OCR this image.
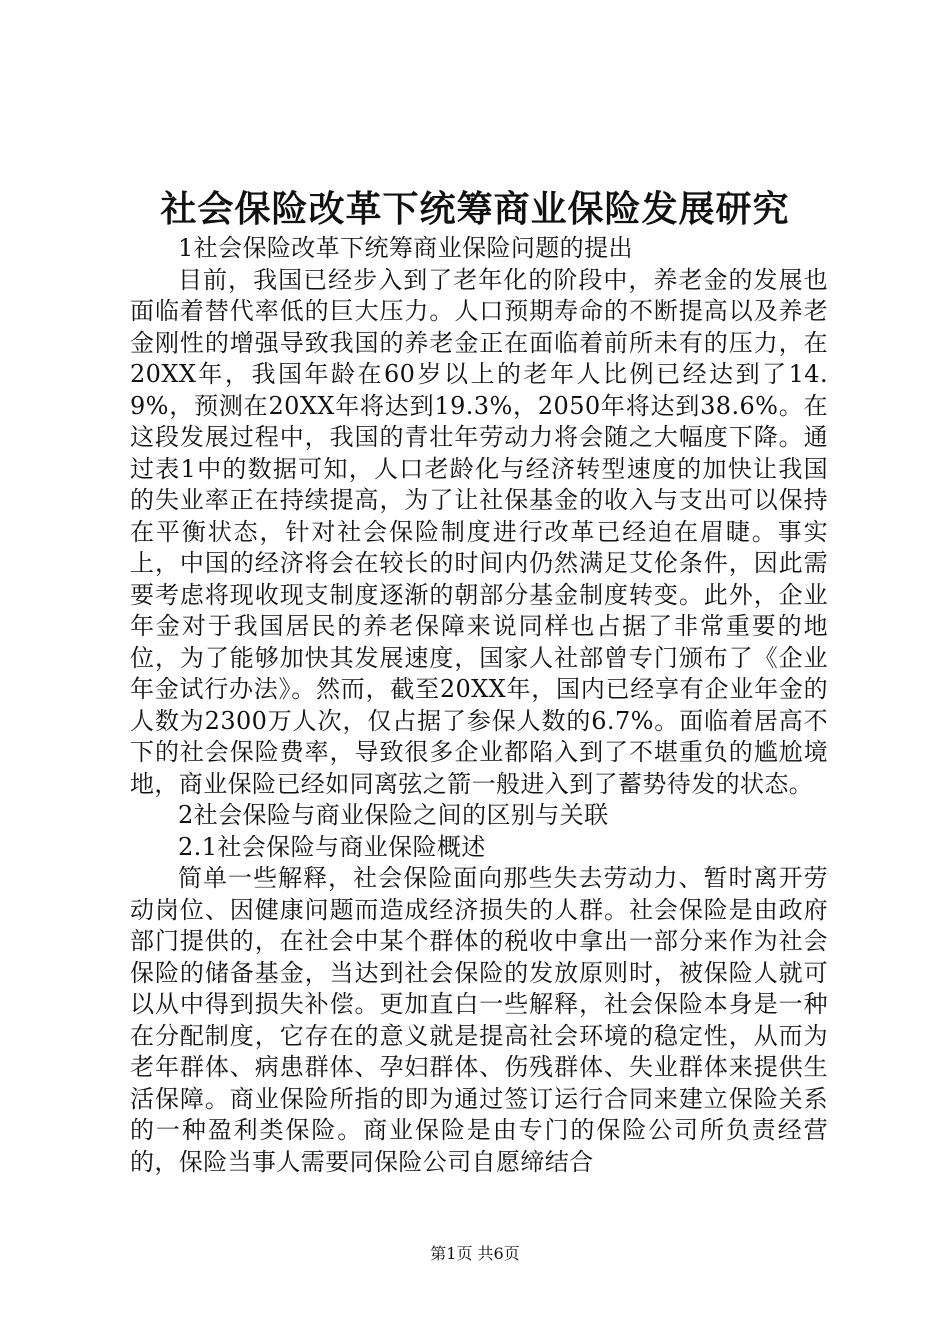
社会保险改革下统筹商业保险发展研究

1社会保险改革下统筹商业保险问题的提出

目前，我国已经步入到了老年化的阶段中，养老金的发展也面临着替代率低的巨大压力。人口预期寿命的不断提高以及养老金刚性的增强导致我国的养老金正在面临着前所未有的压力，在20XX年，我国年龄在60岁以上的老年人比例已经达到了14.9%，预测在20XX年将达到19.3%，2050年将达到38.6%。在这段发展过程中，我国的青壮年劳动力将会随之大幅度下降。通过表1中的数据可知，人口老龄化与经济转型速度的加快让我国的失业率正在持续提高，为了让社保基金的收入与支出可以保持在平衡状态，针对社会保险制度进行改革已经迫在眉睫。事实上，中国的经济将会在较长的时间内仍然满足艾伦条件，因此需要考虑将现收现支制度逐渐的朝部分基金制度转变。此外，企业年金对于我国居民的养老保障来说同样也占据了非常重要的地位，为了能够加快其发展速度，国家人社部曾专门颁布了《企业年金试行办法》。然而，截至20XX年，国内已经享有企业年金的人数为2300万人次，仅占据了参保人数的6.7%。面临着居高不下的社会保险费率，导致很多企业都陷入到了不堪重负的尴尬境地，商业保险已经如同离弦之箭一般进入到了蓄势待发的状态。

2社会保险与商业保险之间的区别与关联

2.1社会保险与商业保险概述

简单一些解释，社会保险面向那些失去劳动力、暂时离开劳动岗位、因健康问题而造成经济损失的人群。社会保险是由政府部门提供的，在社会中某个群体的税收中拿出一部分来作为社会保险的储备基金，当达到社会保险的发放原则时，被保险人就可以从中得到损失补偿。更加直白一些解释，社会保险本身是一种在分配制度，它存在的意义就是提高社会环境的稳定性，从而为老年群体、病患群体、孕妇群体、伤残群体、失业群体来提供生活保障。商业保险所指的即为通过签订运行合同来建立保险关系的一种盈利类保险。商业保险是由专门的保险公司所负责经营的，保险当事人需要同保险公司自愿缔结合

第1页 共6页
